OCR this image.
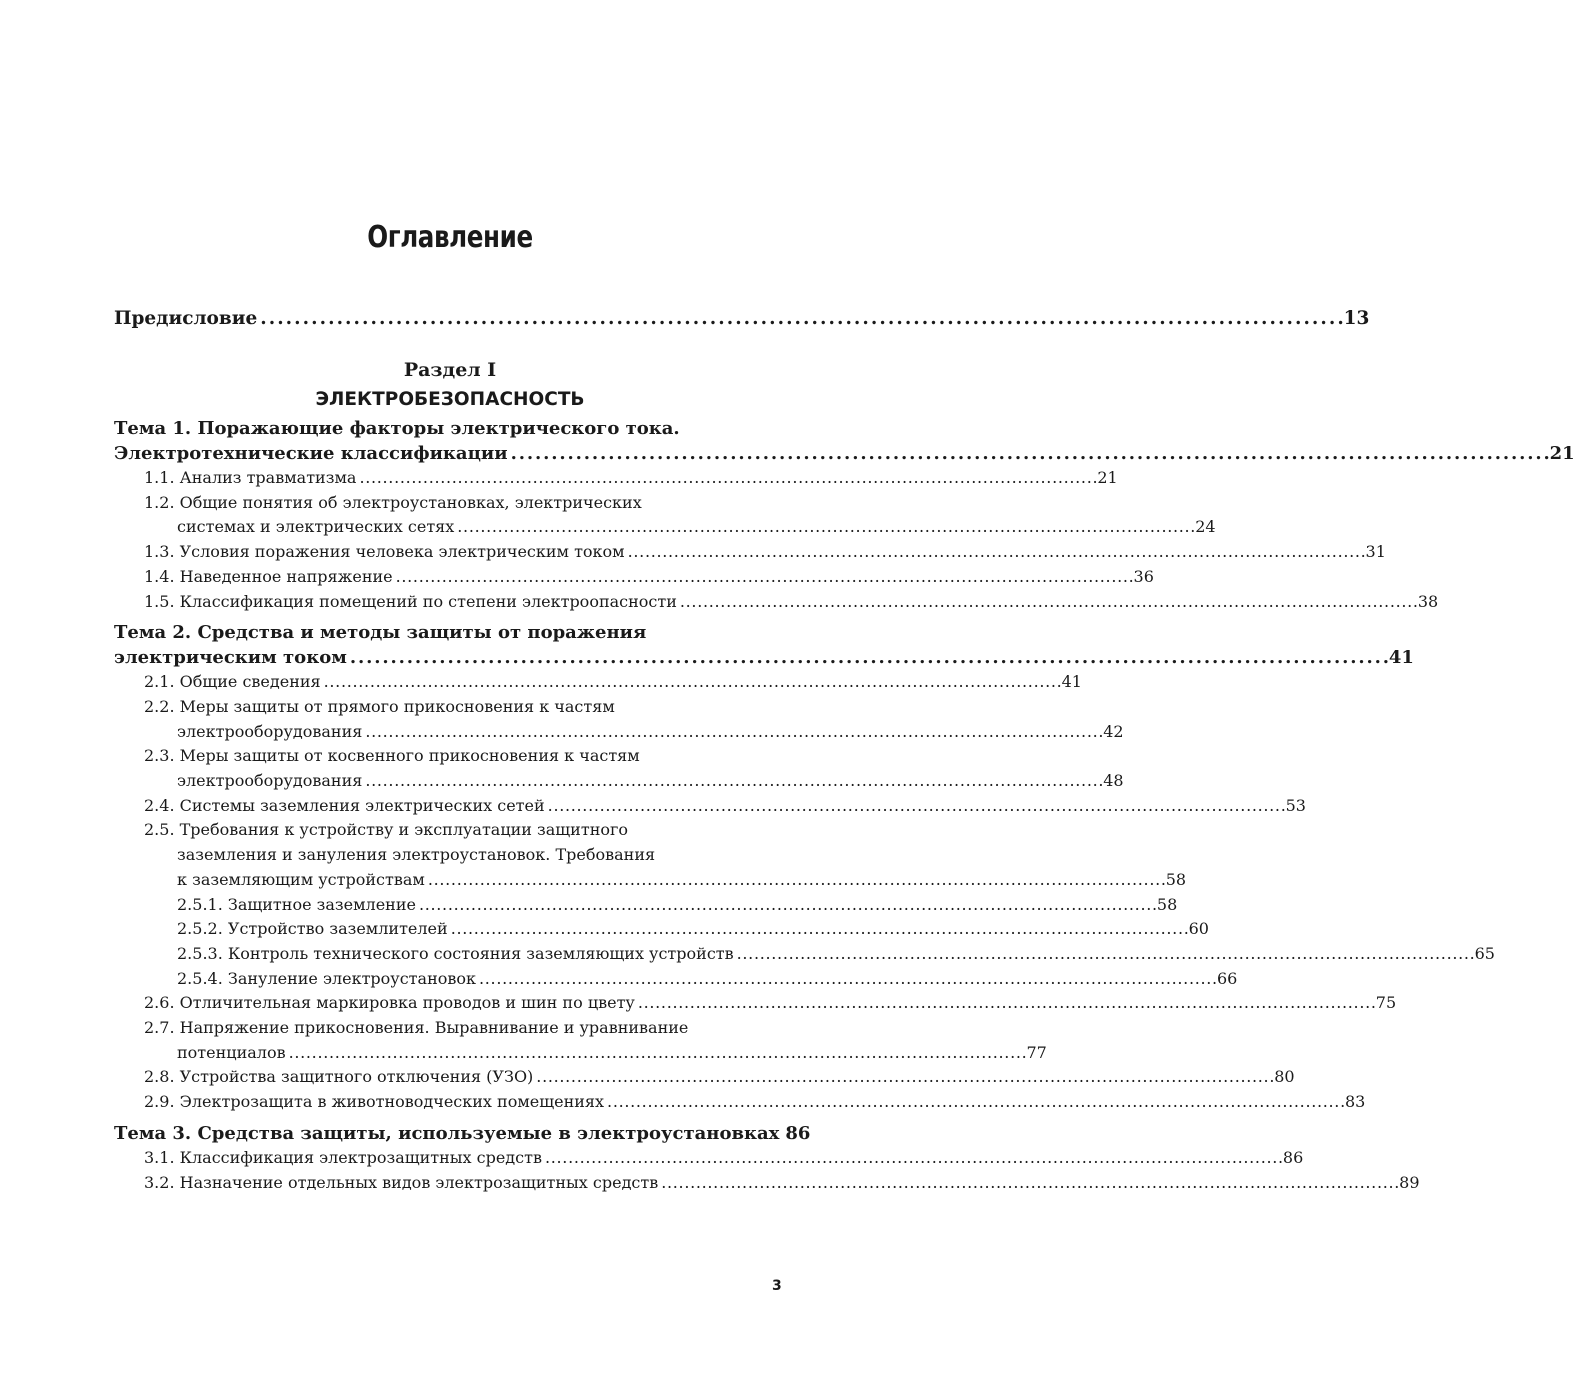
Оглавление
Предисловие . . .	13
Раздел I
ЭЛЕКТРОБЕЗОПАСНОСТЬ
Тема 1. Поражающие факторы электрического тока.
Электротехнические классификации . . .	21
1.1. Анализ травматизма . . .	21
1.2. Общие понятия об электроустановках, электрических
системах и электрических сетях . . .	24
1.3. Условия поражения человека электрическим током . . .	31
1.4. Наведенное напряжение . . .	36
1.5. Классификация помещений по степени электроопасности . . .	38
Тема 2. Средства и методы защиты от поражения
электрическим током . . .	41
2.1. Общие сведения . . .	41
2.2. Меры защиты от прямого прикосновения к частям
электрооборудования . . .	42
2.3. Меры защиты от косвенного прикосновения к частям
электрооборудования . . .	48
2.4. Системы заземления электрических сетей . . .	53
2.5. Требования к устройству и эксплуатации защитного
заземления и зануления электроустановок. Требования
к заземляющим устройствам . . .	58
2.5.1. Защитное заземление . . .	58
2.5.2. Устройство заземлителей . . .	60
2.5.3. Контроль технического состояния заземляющих устройств . . .	65
2.5.4. Зануление электроустановок . . .	66
2.6. Отличительная маркировка проводов и шин по цвету . . .	75
2.7. Напряжение прикосновения. Выравнивание и уравнивание
потенциалов . . .	77
2.8. Устройства защитного отключения (УЗО) . . .	80
2.9. Электрозащита в животноводческих помещениях . . .	83
Тема 3. Средства защиты, используемые в электроустановках 86
3.1. Классификация электрозащитных средств . . .	86
3.2. Назначение отдельных видов электрозащитных средств . . .	89
3
